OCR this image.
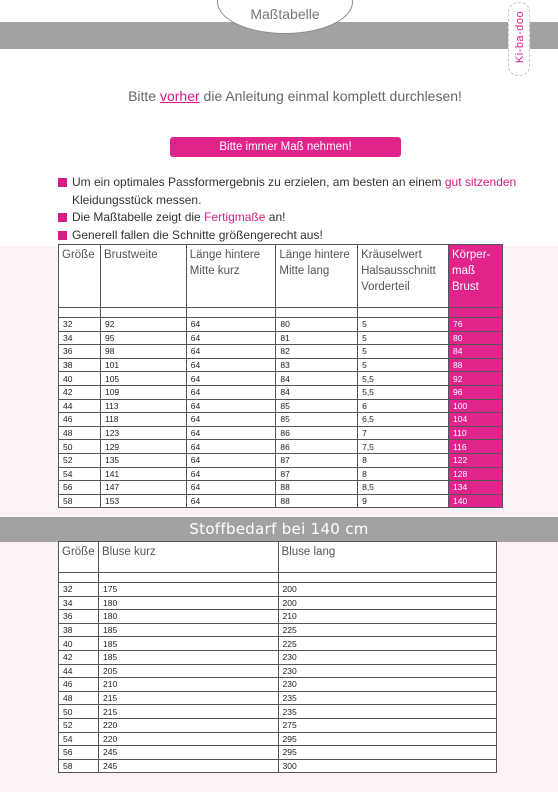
Maßtabelle	Ki-ba-doo
Bitte vorher die Anleitung einmal komplett durchlesen!
Bitte immer Maß nehmen!
Um ein optimales Passformergebnis zu erzielen, am besten an einem gut sitzenden Kleidungsstück messen.
Die Maßtabelle zeigt die Fertigmaße an!
Generell fallen die Schnitte größengerecht aus!
Größe	Brustweite	Länge hintere Mitte kurz	Länge hintere Mitte lang	Kräuselwert Halsausschnitt Vorderteil	Körper-maß Brust

32	92	64	80	5	76
34	95	64	81	5	80
36	98	64	82	5	84
38	101	64	83	5	88
40	105	64	84	5,5	92
42	109	64	84	5,5	96
44	113	64	85	6	100
46	118	64	85	6,5	104
48	123	64	86	7	110
50	129	64	86	7,5	116
52	135	64	87	8	122
54	141	64	87	8	128
56	147	64	88	8,5	134
58	153	64	88	9	140
Stoffbedarf bei 140 cm
Größe	Bluse kurz	Bluse lang

32	175	200
34	180	200
36	180	210
38	185	225
40	185	225
42	185	230
44	205	230
46	210	230
48	215	235
50	215	235
52	220	275
54	220	295
56	245	295
58	245	300
